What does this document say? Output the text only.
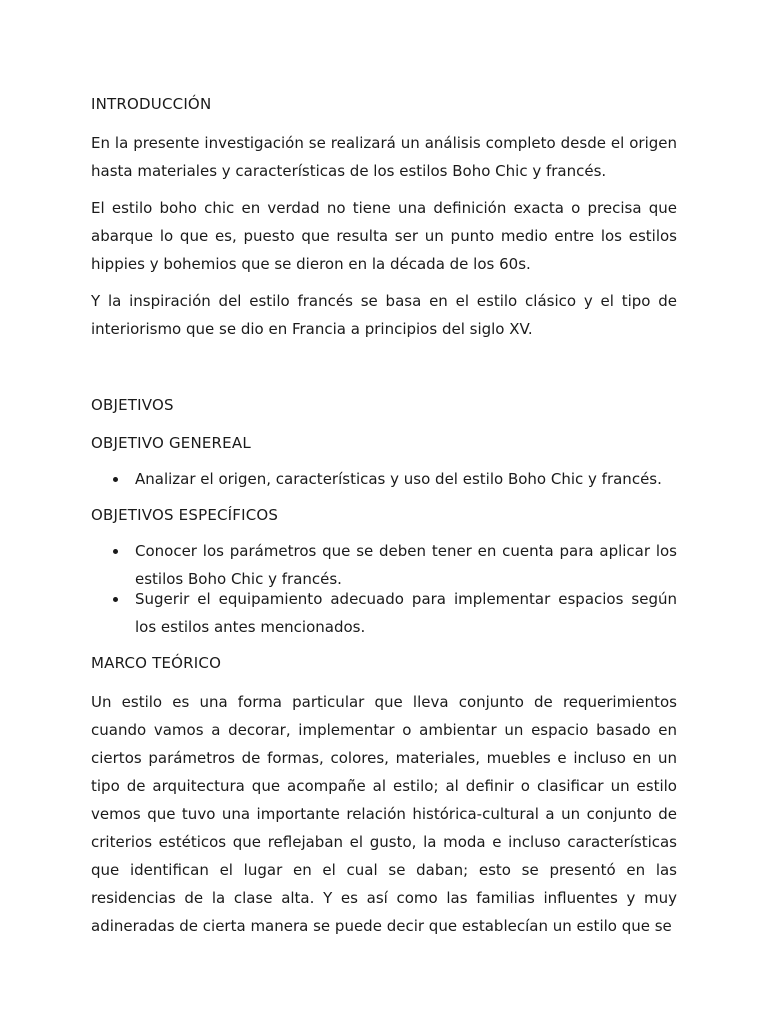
INTRODUCCIÓN

En la presente investigación se realizará un análisis completo desde el origen hasta materiales y características de los estilos Boho Chic y francés.

El estilo boho chic en verdad no tiene una definición exacta o precisa que abarque lo que es, puesto que resulta ser un punto medio entre los estilos hippies y bohemios que se dieron en la década de los 60s.

Y la inspiración del estilo francés se basa en el estilo clásico y el tipo de interiorismo que se dio en Francia a principios del siglo XV.

OBJETIVOS
OBJETIVO GENEREAL
Analizar el origen, características y uso del estilo Boho Chic y francés.
OBJETIVOS ESPECÍFICOS
Conocer los parámetros que se deben tener en cuenta para aplicar los estilos Boho Chic y francés.
Sugerir el equipamiento adecuado para implementar espacios según los estilos antes mencionados.
MARCO TEÓRICO

Un estilo es una forma particular que lleva conjunto de requerimientos cuando vamos a decorar, implementar o ambientar un espacio basado en ciertos parámetros de formas, colores, materiales, muebles e incluso en un tipo de arquitectura que acompañe al estilo; al definir o clasificar un estilo vemos que tuvo una importante relación histórica-cultural a un conjunto de criterios estéticos que reflejaban el gusto, la moda e incluso características que identifican el lugar en el cual se daban; esto se presentó en las residencias de la clase alta. Y es así como las familias influentes y muy adineradas de cierta manera se puede decir que establecían un estilo que se
